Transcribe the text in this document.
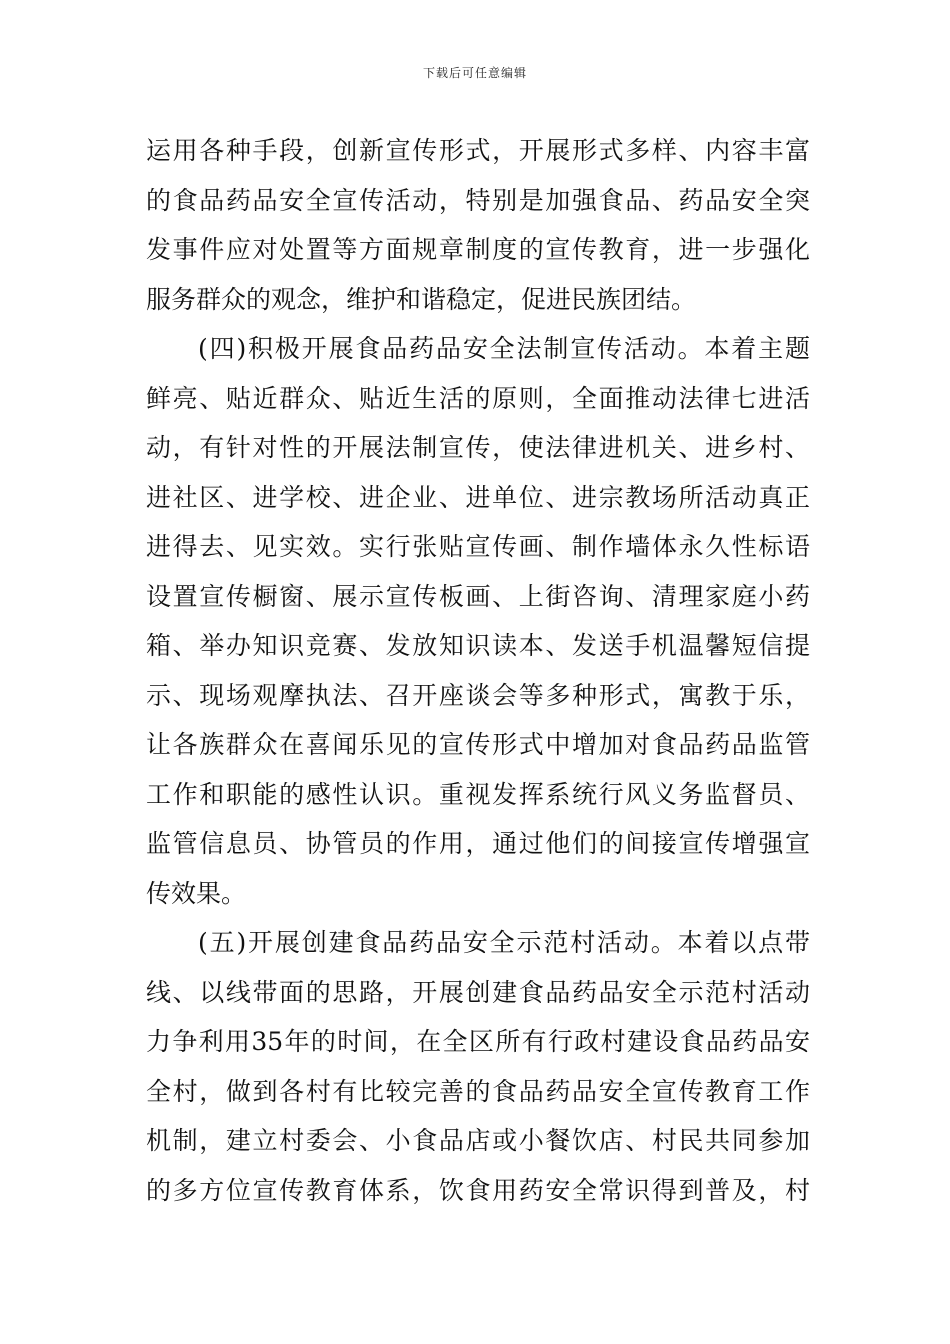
下载后可任意编辑
运用各种手段，创新宣传形式，开展形式多样、内容丰富
的食品药品安全宣传活动，特别是加强食品、药品安全突
发事件应对处置等方面规章制度的宣传教育，进一步强化
服务群众的观念，维护和谐稳定，促进民族团结。
(四)积极开展食品药品安全法制宣传活动。本着主题
鲜亮、贴近群众、贴近生活的原则，全面推动法律七进活
动，有针对性的开展法制宣传，使法律进机关、进乡村、
进社区、进学校、进企业、进单位、进宗教场所活动真正
进得去、见实效。实行张贴宣传画、制作墙体永久性标语
设置宣传橱窗、展示宣传板画、上街咨询、清理家庭小药
箱、举办知识竞赛、发放知识读本、发送手机温馨短信提
示、现场观摩执法、召开座谈会等多种形式，寓教于乐，
让各族群众在喜闻乐见的宣传形式中增加对食品药品监管
工作和职能的感性认识。重视发挥系统行风义务监督员、
监管信息员、协管员的作用，通过他们的间接宣传增强宣
传效果。
(五)开展创建食品药品安全示范村活动。本着以点带
线、以线带面的思路，开展创建食品药品安全示范村活动
力争利用35年的时间，在全区所有行政村建设食品药品安
全村，做到各村有比较完善的食品药品安全宣传教育工作
机制，建立村委会、小食品店或小餐饮店、村民共同参加
的多方位宣传教育体系，饮食用药安全常识得到普及，村
